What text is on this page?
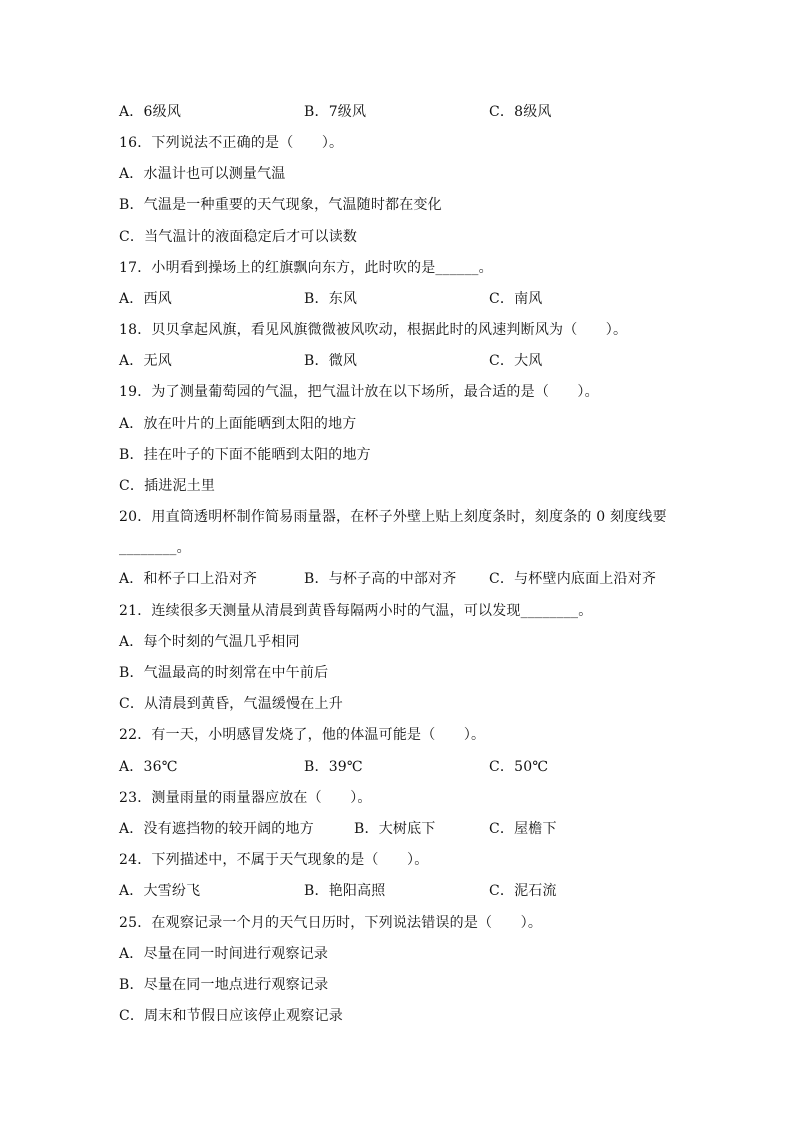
A．6级风	B．7级风	C．8级风
16．下列说法不正确的是（　　）。
A．水温计也可以测量气温
B．气温是一种重要的天气现象，气温随时都在变化
C．当气温计的液面稳定后才可以读数
17．小明看到操场上的红旗飘向东方，此时吹的是______。
A．西风	B．东风	C．南风
18．贝贝拿起风旗，看见风旗微微被风吹动，根据此时的风速判断风为（　　）。
A．无风	B．微风	C．大风
19．为了测量葡萄园的气温，把气温计放在以下场所，最合适的是（　　）。
A．放在叶片的上面能晒到太阳的地方
B．挂在叶子的下面不能晒到太阳的地方
C．插进泥土里
20．用直筒透明杯制作简易雨量器，在杯子外壁上贴上刻度条时，刻度条的 0 刻度线要
________。
A．和杯子口上沿对齐	B．与杯子高的中部对齐 C．与杯壁内底面上沿对齐
21．连续很多天测量从清晨到黄昏每隔两小时的气温，可以发现________。
A．每个时刻的气温几乎相同
B．气温最高的时刻常在中午前后
C．从清晨到黄昏，气温缓慢在上升
22．有一天，小明感冒发烧了，他的体温可能是（　　）。
A．36℃	B．39℃	C．50℃
23．测量雨量的雨量器应放在（　　）。
A．没有遮挡物的较开阔的地方	B．大树底下	C．屋檐下
24．下列描述中，不属于天气现象的是（　　）。
A．大雪纷飞	B．艳阳高照	C．泥石流
25．在观察记录一个月的天气日历时，下列说法错误的是（　　）。
A．尽量在同一时间进行观察记录
B．尽量在同一地点进行观察记录
C．周末和节假日应该停止观察记录
